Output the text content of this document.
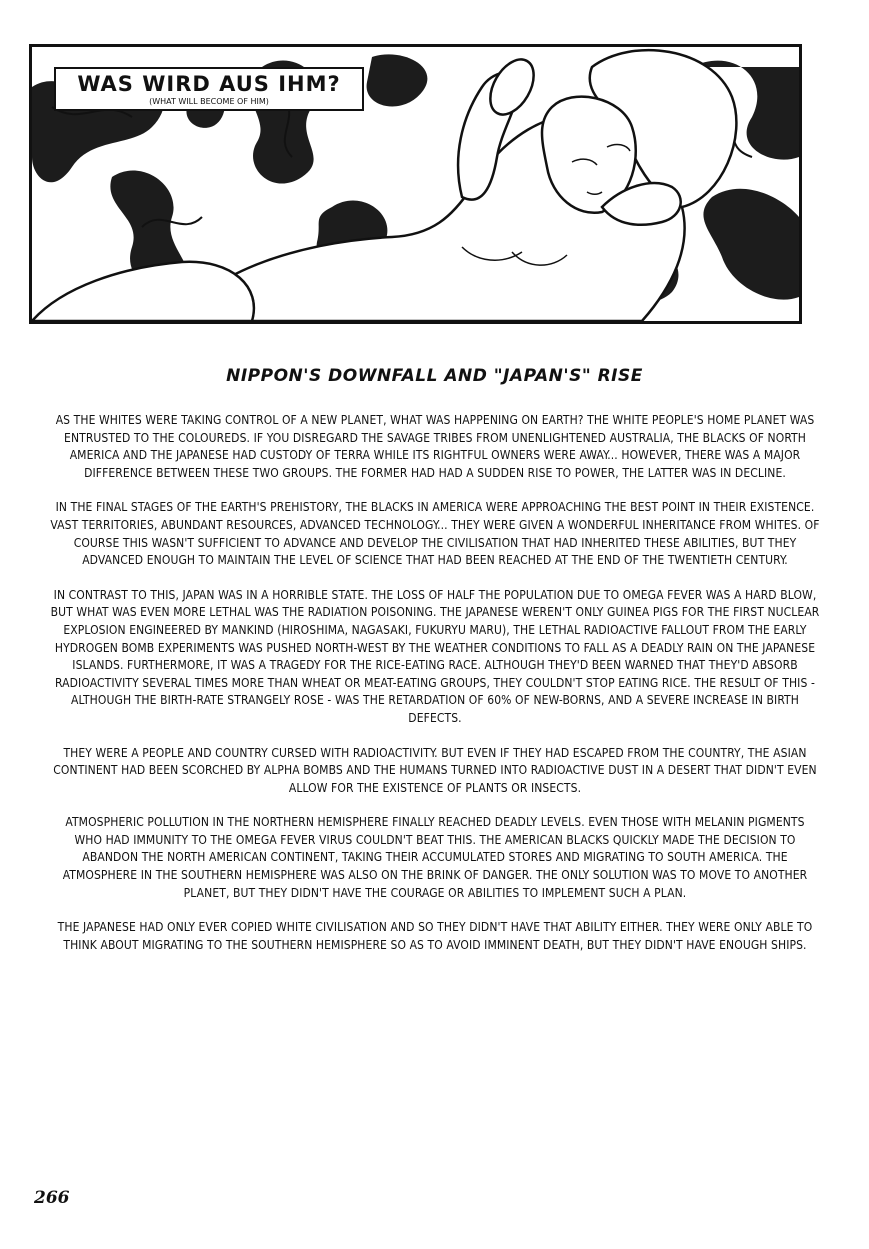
WAS WIRD AUS IHM?
(WHAT WILL BECOME OF HIM)
NIPPON'S DOWNFALL AND "JAPAN'S" RISE

AS THE WHITES WERE TAKING CONTROL OF A NEW PLANET, WHAT WAS HAPPENING ON EARTH? THE WHITE PEOPLE'S HOME PLANET WAS ENTRUSTED TO THE COLOUREDS. IF YOU DISREGARD THE SAVAGE TRIBES FROM UNENLIGHTENED AUSTRALIA, THE BLACKS OF NORTH AMERICA AND THE JAPANESE HAD CUSTODY OF TERRA WHILE ITS RIGHTFUL OWNERS WERE AWAY... HOWEVER, THERE WAS A MAJOR DIFFERENCE BETWEEN THESE TWO GROUPS. THE FORMER HAD HAD A SUDDEN RISE TO POWER, THE LATTER WAS IN DECLINE.

IN THE FINAL STAGES OF THE EARTH'S PREHISTORY, THE BLACKS IN AMERICA WERE APPROACHING THE BEST POINT IN THEIR EXISTENCE. VAST TERRITORIES, ABUNDANT RESOURCES, ADVANCED TECHNOLOGY... THEY WERE GIVEN A WONDERFUL INHERITANCE FROM WHITES. OF COURSE THIS WASN'T SUFFICIENT TO ADVANCE AND DEVELOP THE CIVILISATION THAT HAD INHERITED THESE ABILITIES, BUT THEY ADVANCED ENOUGH TO MAINTAIN THE LEVEL OF SCIENCE THAT HAD BEEN REACHED AT THE END OF THE TWENTIETH CENTURY.

IN CONTRAST TO THIS, JAPAN WAS IN A HORRIBLE STATE. THE LOSS OF HALF THE POPULATION DUE TO OMEGA FEVER WAS A HARD BLOW, BUT WHAT WAS EVEN MORE LETHAL WAS THE RADIATION POISONING. THE JAPANESE WEREN'T ONLY GUINEA PIGS FOR THE FIRST NUCLEAR EXPLOSION ENGINEERED BY MANKIND (HIROSHIMA, NAGASAKI, FUKURYU MARU), THE LETHAL RADIOACTIVE FALLOUT FROM THE EARLY HYDROGEN BOMB EXPERIMENTS WAS PUSHED NORTH-WEST BY THE WEATHER CONDITIONS TO FALL AS A DEADLY RAIN ON THE JAPANESE ISLANDS. FURTHERMORE, IT WAS A TRAGEDY FOR THE RICE-EATING RACE. ALTHOUGH THEY'D BEEN WARNED THAT THEY'D ABSORB RADIOACTIVITY SEVERAL TIMES MORE THAN WHEAT OR MEAT-EATING GROUPS, THEY COULDN'T STOP EATING RICE. THE RESULT OF THIS - ALTHOUGH THE BIRTH-RATE STRANGELY ROSE - WAS THE RETARDATION OF 60% OF NEW-BORNS, AND A SEVERE INCREASE IN BIRTH DEFECTS.

THEY WERE A PEOPLE AND COUNTRY CURSED WITH RADIOACTIVITY. BUT EVEN IF THEY HAD ESCAPED FROM THE COUNTRY, THE ASIAN CONTINENT HAD BEEN SCORCHED BY ALPHA BOMBS AND THE HUMANS TURNED INTO RADIOACTIVE DUST IN A DESERT THAT DIDN'T EVEN ALLOW FOR THE EXISTENCE OF PLANTS OR INSECTS.

ATMOSPHERIC POLLUTION IN THE NORTHERN HEMISPHERE FINALLY REACHED DEADLY LEVELS. EVEN THOSE WITH MELANIN PIGMENTS WHO HAD IMMUNITY TO THE OMEGA FEVER VIRUS COULDN'T BEAT THIS. THE AMERICAN BLACKS QUICKLY MADE THE DECISION TO ABANDON THE NORTH AMERICAN CONTINENT, TAKING THEIR ACCUMULATED STORES AND MIGRATING TO SOUTH AMERICA. THE ATMOSPHERE IN THE SOUTHERN HEMISPHERE WAS ALSO ON THE BRINK OF DANGER. THE ONLY SOLUTION WAS TO MOVE TO ANOTHER PLANET, BUT THEY DIDN'T HAVE THE COURAGE OR ABILITIES TO IMPLEMENT SUCH A PLAN.

THE JAPANESE HAD ONLY EVER COPIED WHITE CIVILISATION AND SO THEY DIDN'T HAVE THAT ABILITY EITHER. THEY WERE ONLY ABLE TO THINK ABOUT MIGRATING TO THE SOUTHERN HEMISPHERE SO AS TO AVOID IMMINENT DEATH, BUT THEY DIDN'T HAVE ENOUGH SHIPS.

266
